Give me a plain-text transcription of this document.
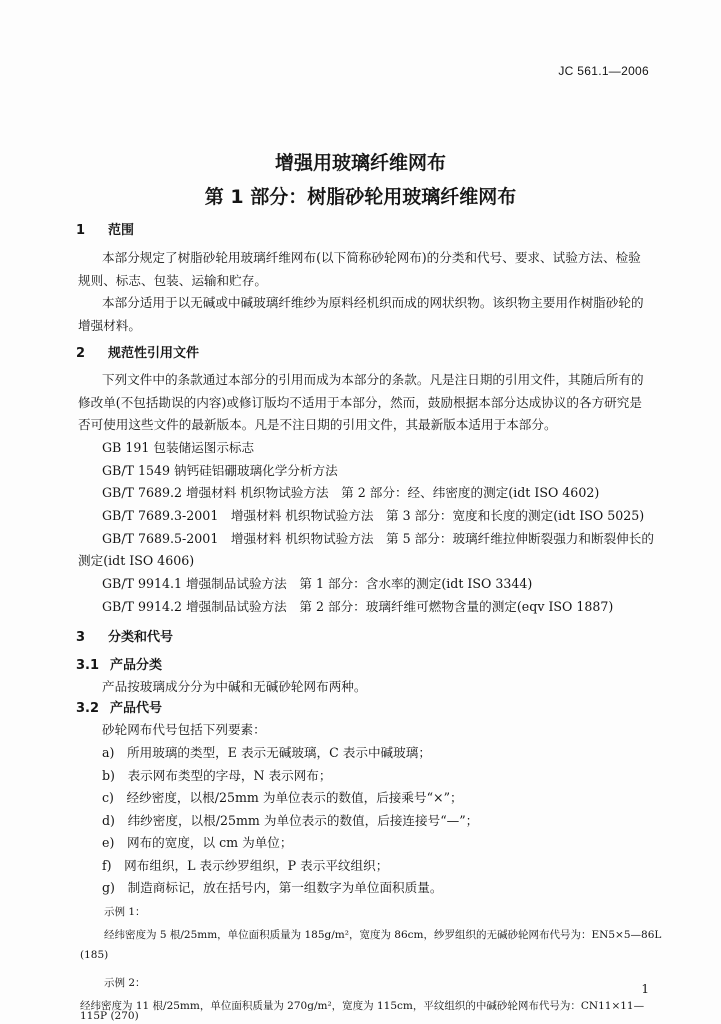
JC 561.1—2006
增强用玻璃纤维网布
第 1 部分：树脂砂轮用玻璃纤维网布
1 范围
本部分规定了树脂砂轮用玻璃纤维网布(以下简称砂轮网布)的分类和代号、要求、试验方法、检验
规则、标志、包装、运输和贮存。
本部分适用于以无碱或中碱玻璃纤维纱为原料经机织而成的网状织物。该织物主要用作树脂砂轮的
增强材料。
2 规范性引用文件
下列文件中的条款通过本部分的引用而成为本部分的条款。凡是注日期的引用文件，其随后所有的
修改单(不包括勘误的内容)或修订版均不适用于本部分，然而，鼓励根据本部分达成协议的各方研究是
否可使用这些文件的最新版本。凡是不注日期的引用文件，其最新版本适用于本部分。
GB 191 包装储运图示标志
GB/T 1549 钠钙硅铝硼玻璃化学分析方法
GB/T 7689.2 增强材料 机织物试验方法　第 2 部分：经、纬密度的测定(idt ISO 4602)
GB/T 7689.3-2001　增强材料 机织物试验方法　第 3 部分：宽度和长度的测定(idt ISO 5025)
GB/T 7689.5-2001　增强材料 机织物试验方法　第 5 部分：玻璃纤维拉伸断裂强力和断裂伸长的
测定(idt ISO 4606)
GB/T 9914.1 增强制品试验方法　第 1 部分：含水率的测定(idt ISO 3344)
GB/T 9914.2 增强制品试验方法　第 2 部分：玻璃纤维可燃物含量的测定(eqv ISO 1887)
3 分类和代号
3.1 产品分类
产品按玻璃成分分为中碱和无碱砂轮网布两种。
3.2 产品代号
砂轮网布代号包括下列要素：
a)　所用玻璃的类型，E 表示无碱玻璃，C 表示中碱玻璃；
b)　表示网布类型的字母，N 表示网布；
c)　经纱密度，以根/25mm 为单位表示的数值，后接乘号“×”；
d)　纬纱密度，以根/25mm 为单位表示的数值，后接连接号“—”；
e)　网布的宽度，以 cm 为单位；
f)　网布组织，L 表示纱罗组织，P 表示平纹组织；
g)　制造商标记，放在括号内，第一组数字为单位面积质量。
示例 1：
经纬密度为 5 根/25mm，单位面积质量为 185g/m²，宽度为 86cm，纱罗组织的无碱砂轮网布代号为：EN5×5—86L
(185)
示例 2：
经纬密度为 11 根/25mm，单位面积质量为 270g/m²，宽度为 115cm，平纹组织的中碱砂轮网布代号为：CN11×11—
115P (270)
1
